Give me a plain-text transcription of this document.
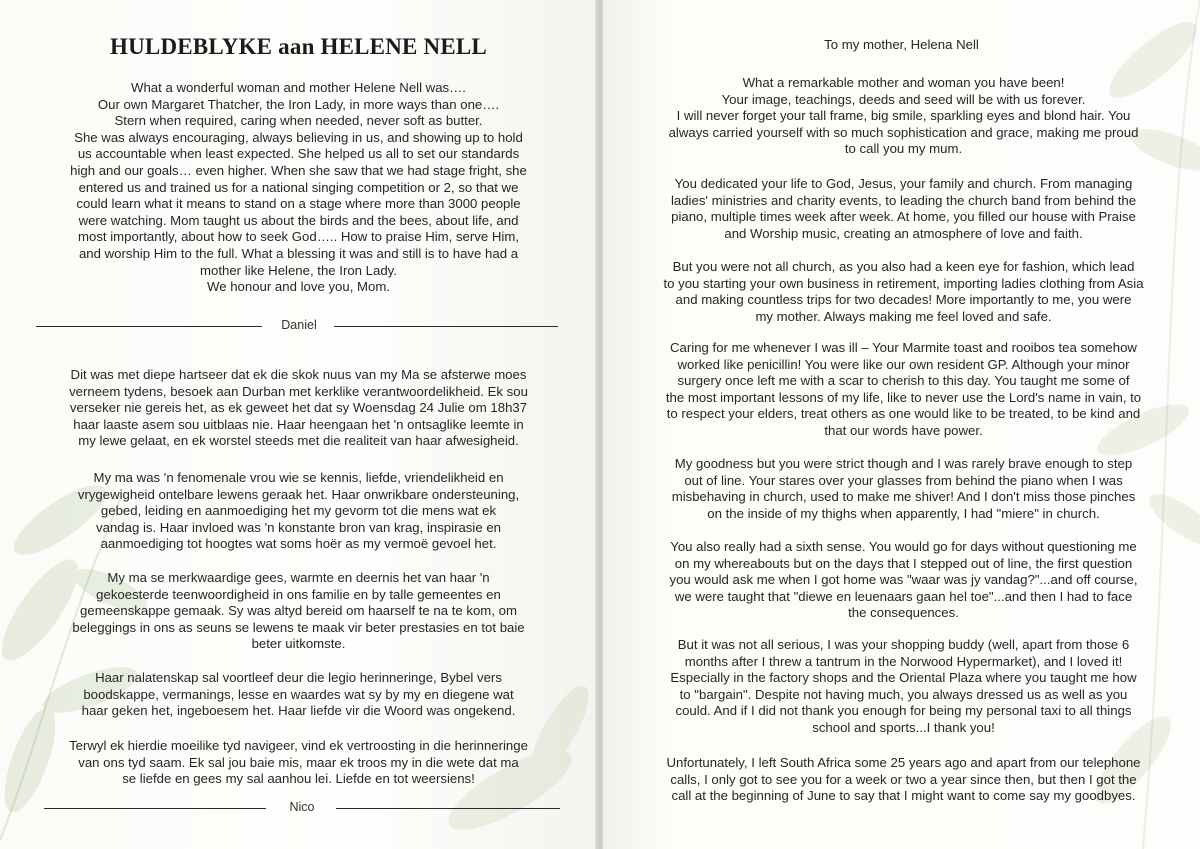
HULDEBLYKE aan HELENE NELL

What a wonderful woman and mother Helene Nell was….

Our own Margaret Thatcher, the Iron Lady, in more ways than one….

Stern when required, caring when needed, never soft as butter.

She was always encouraging, always believing in us, and showing up to hold

us accountable when least expected. She helped us all to set our standards

high and our goals… even higher. When she saw that we had stage fright, she

entered us and trained us for a national singing competition or 2, so that we

could learn what it means to stand on a stage where more than 3000 people

were watching. Mom taught us about the birds and the bees, about life, and

most importantly, about how to seek God….. How to praise Him, serve Him,

and worship Him to the full. What a blessing it was and still is to have had a

mother like Helene, the Iron Lady.

We honour and love you, Mom.

Daniel

Dit was met diepe hartseer dat ek die skok nuus van my Ma se afsterwe moes

verneem tydens, besoek aan Durban met kerklike verantwoordelikheid. Ek sou

verseker nie gereis het, as ek geweet het dat sy Woensdag 24 Julie om 18h37

haar laaste asem sou uitblaas nie. Haar heengaan het 'n ontsaglike leemte in

my lewe gelaat, en ek worstel steeds met die realiteit van haar afwesigheid.

My ma was 'n fenomenale vrou wie se kennis, liefde, vriendelikheid en

vrygewigheid ontelbare lewens geraak het. Haar onwrikbare ondersteuning,

gebed, leiding en aanmoediging het my gevorm tot die mens wat ek

vandag is. Haar invloed was 'n konstante bron van krag, inspirasie en

aanmoediging tot hoogtes wat soms hoër as my vermoë gevoel het.

My ma se merkwaardige gees, warmte en deernis het van haar 'n

gekoesterde teenwoordigheid in ons familie en by talle gemeentes en

gemeenskappe gemaak. Sy was altyd bereid om haarself te na te kom, om

beleggings in ons as seuns se lewens te maak vir beter prestasies en tot baie

beter uitkomste.

Haar nalatenskap sal voortleef deur die legio herinneringe, Bybel vers

boodskappe, vermanings, lesse en waardes wat sy by my en diegene wat

haar geken het, ingeboesem het. Haar liefde vir die Woord was ongekend.

Terwyl ek hierdie moeilike tyd navigeer, vind ek vertroosting in die herinneringe

van ons tyd saam. Ek sal jou baie mis, maar ek troos my in die wete dat ma

se liefde en gees my sal aanhou lei. Liefde en tot weersiens!

Nico

To my mother, Helena Nell

What a remarkable mother and woman you have been!

Your image, teachings, deeds and seed will be with us forever.

I will never forget your tall frame, big smile, sparkling eyes and blond hair. You

always carried yourself with so much sophistication and grace, making me proud

to call you my mum.

You dedicated your life to God, Jesus, your family and church. From managing

ladies' ministries and charity events, to leading the church band from behind the

piano, multiple times week after week. At home, you filled our house with Praise

and Worship music, creating an atmosphere of love and faith.

But you were not all church, as you also had a keen eye for fashion, which lead

to you starting your own business in retirement, importing ladies clothing from Asia

and making countless trips for two decades! More importantly to me, you were

my mother. Always making me feel loved and safe.

Caring for me whenever I was ill – Your Marmite toast and rooibos tea somehow

worked like penicillin! You were like our own resident GP. Although your minor

surgery once left me with a scar to cherish to this day. You taught me some of

the most important lessons of my life, like to never use the Lord's name in vain, to

to respect your elders, treat others as one would like to be treated, to be kind and

that our words have power.

My goodness but you were strict though and I was rarely brave enough to step

out of line. Your stares over your glasses from behind the piano when I was

misbehaving in church, used to make me shiver! And I don't miss those pinches

on the inside of my thighs when apparently, I had "miere" in church.

You also really had a sixth sense. You would go for days without questioning me

on my whereabouts but on the days that I stepped out of line, the first question

you would ask me when I got home was "waar was jy vandag?"...and off course,

we were taught that "diewe en leuenaars gaan hel toe"...and then I had to face

the consequences.

But it was not all serious, I was your shopping buddy (well, apart from those 6

months after I threw a tantrum in the Norwood Hypermarket), and I loved it!

Especially in the factory shops and the Oriental Plaza where you taught me how

to "bargain". Despite not having much, you always dressed us as well as you

could. And if I did not thank you enough for being my personal taxi to all things

school and sports...I thank you!

Unfortunately, I left South Africa some 25 years ago and apart from our telephone

calls, I only got to see you for a week or two a year since then, but then I got the

call at the beginning of June to say that I might want to come say my goodbyes.
